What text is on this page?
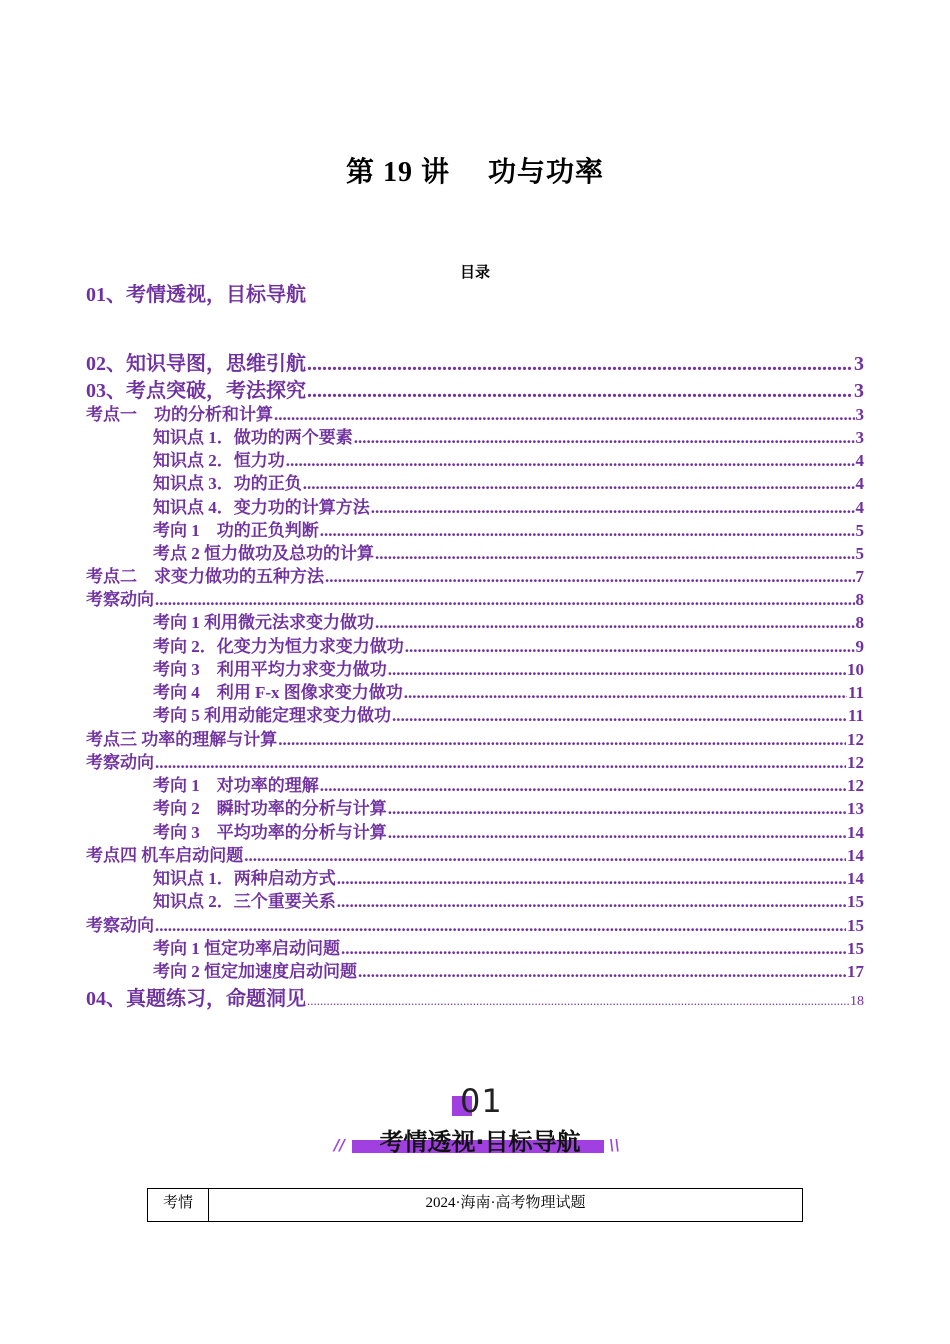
第 19 讲 功与功率
目录
01、考情透视，目标导航
02、知识导图，思维引航 .....	3
03、考点突破，考法探究 .....	3
考点一　功的分析和计算 .....	3
知识点 1．做功的两个要素 .....	3
知识点 2．恒力功 .....	4
知识点 3．功的正负 .....	4
知识点 4．变力功的计算方法 .....	4
考向 1　功的正负判断 .....	5
考点 2 恒力做功及总功的计算 .....	5
考点二　求变力做功的五种方法 .....	7
考察动向 .....	8
考向 1 利用微元法求变力做功 .....	8
考向 2．化变力为恒力求变力做功 .....	9
考向 3　利用平均力求变力做功 .....	10
考向 4　利用 F-x 图像求变力做功 .....	11
考向 5 利用动能定理求变力做功 .....	11
考点三 功率的理解与计算 .....	12
考察动向 .....	12
考向 1　对功率的理解 .....	12
考向 2　瞬时功率的分析与计算 .....	13
考向 3　平均功率的分析与计算 .....	14
考点四 机车启动问题 .....	14
知识点 1．两种启动方式 .....	14
知识点 2．三个重要关系 .....	15
考察动向 .....	15
考向 1 恒定功率启动问题 .....	15
考向 2 恒定加速度启动问题 .....	17
04、真题练习，命题洞见 .....	18
01
//	考情透视·目标导航	\\
考情	2024·海南·高考物理试题
